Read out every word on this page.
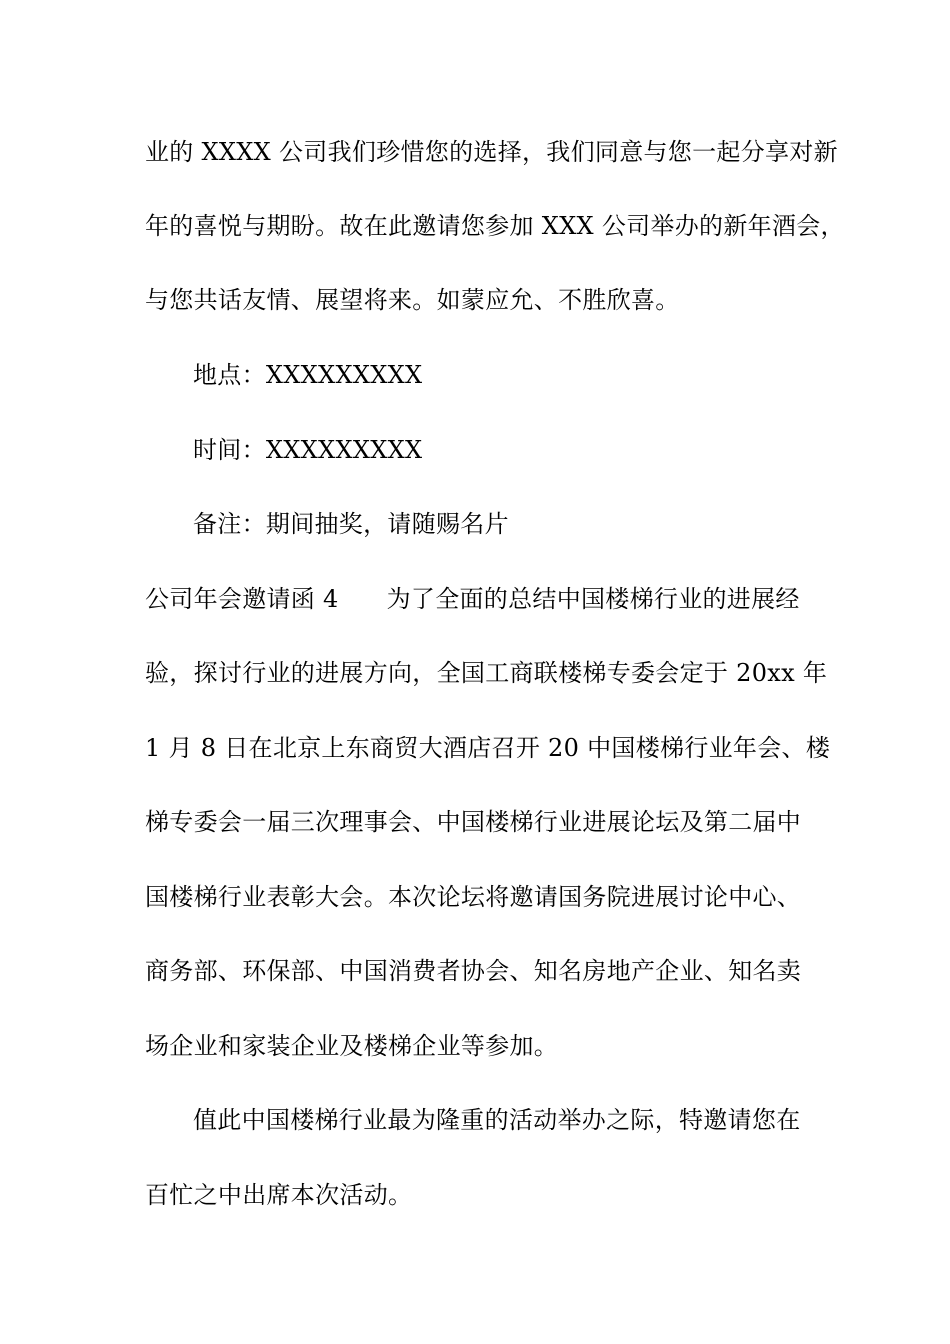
业的 XXXX 公司我们珍惜您的选择，我们同意与您一起分享对新
年的喜悦与期盼。故在此邀请您参加 XXX 公司举办的新年酒会，
与您共话友情、展望将来。如蒙应允、不胜欣喜。
地点：XXXXXXXXX
时间：XXXXXXXXX
备注：期间抽奖，请随赐名片
公司年会邀请函 4 为了全面的总结中国楼梯行业的进展经
验，探讨行业的进展方向，全国工商联楼梯专委会定于 20xx 年
1 月 8 日在北京上东商贸大酒店召开 20 中国楼梯行业年会、楼
梯专委会一届三次理事会、中国楼梯行业进展论坛及第二届中
国楼梯行业表彰大会。本次论坛将邀请国务院进展讨论中心、
商务部、环保部、中国消费者协会、知名房地产企业、知名卖
场企业和家装企业及楼梯企业等参加。
值此中国楼梯行业最为隆重的活动举办之际，特邀请您在
百忙之中出席本次活动。
